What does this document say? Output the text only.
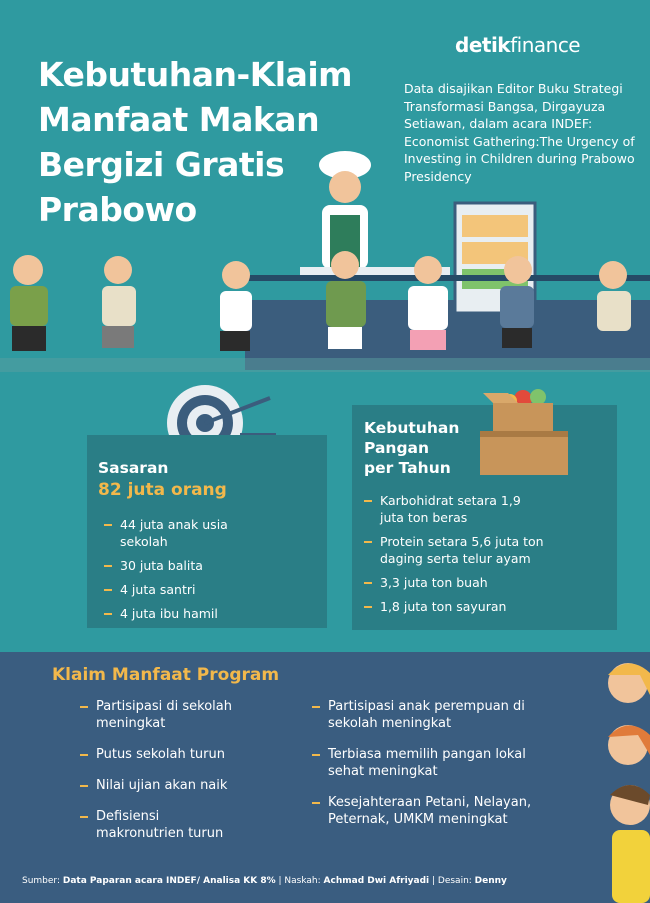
detikfinance
Kebutuhan-Klaim
Manfaat Makan
Bergizi Gratis
Prabowo
Data disajikan Editor Buku Strategi Transformasi Bangsa, Dirgayuza Setiawan, dalam acara INDEF: Economist Gathering:The Urgency of Investing in Children during Prabowo Presidency
Sasaran
82 juta orang
44 juta anak usia sekolah
30 juta balita
4 juta santri
4 juta ibu hamil
Kebutuhan
Pangan
per Tahun
Karbohidrat setara 1,9 juta ton beras
Protein setara 5,6 juta ton daging serta telur ayam
3,3 juta ton buah
1,8 juta ton sayuran
Klaim Manfaat Program
Partisipasi di sekolah meningkat
Putus sekolah turun
Nilai ujian akan naik
Defisiensi makronutrien turun
Partisipasi anak perempuan di sekolah meningkat
Terbiasa memilih pangan lokal sehat meningkat
Kesejahteraan Petani, Nelayan, Peternak, UMKM meningkat
Sumber: Data Paparan acara INDEF/ Analisa KK 8% | Naskah: Achmad Dwi Afriyadi | Desain: Denny
